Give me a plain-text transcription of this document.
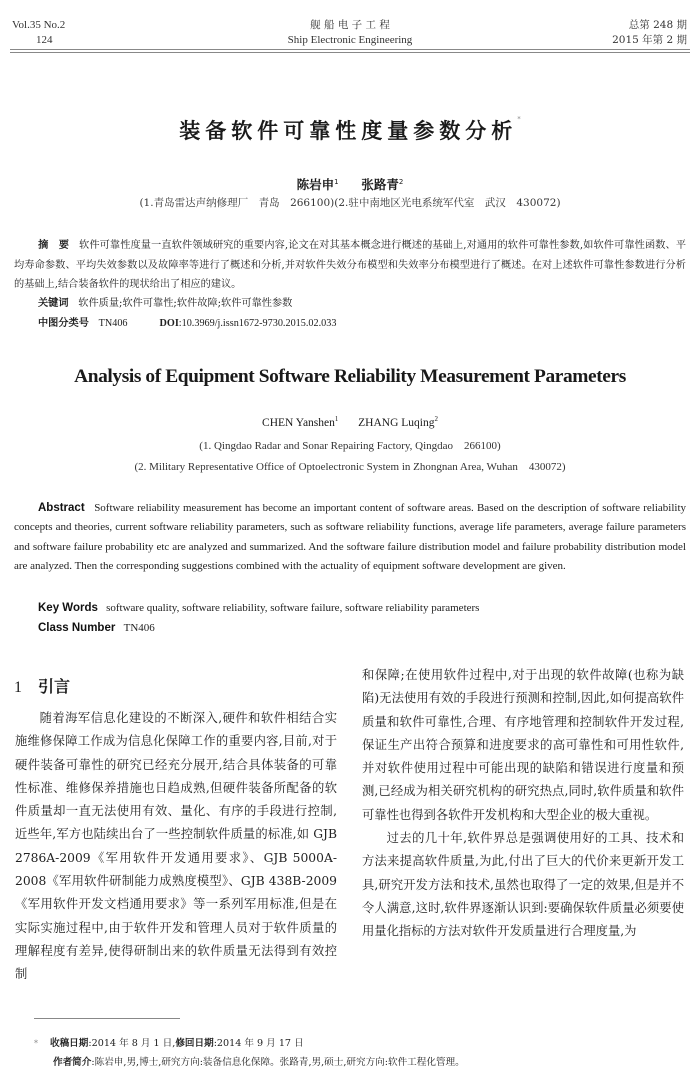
Vol.35 No.2
124
舰 船 电 子 工 程
Ship Electronic Engineering
总第 248 期
2015 年第 2 期
装备软件可靠性度量参数分析*
陈岩申$^1$ 张路青$^2$
(1.青岛雷达声纳修理厂　青岛　266100)(2.驻中南地区光电系统军代室　武汉　430072)
摘　要 软件可靠性度量一直软件领域研究的重要内容,论文在对其基本概念进行概述的基础上,对通用的软件可靠性参数,如软件可靠性函数、平均寿命参数、平均失效参数以及故障率等进行了概述和分析,并对软件失效分布模型和失效率分布模型进行了概述。在对上述软件可靠性参数进行分析的基础上,结合装备软件的现状给出了相应的建议。
关键词 软件质量;软件可靠性;软件故障;软件可靠性参数
中图分类号 TN406	DOI:10.3969/j.issn1672-9730.2015.02.033
Analysis of Equipment Software Reliability Measurement Parameters
CHEN Yanshen$^1$ ZHANG Luqing$^2$
(1. Qingdao Radar and Sonar Repairing Factory, Qingdao　266100)
(2. Military Representative Office of Optoelectronic System in Zhongnan Area, Wuhan　430072)
Abstract Software reliability measurement has become an important content of software areas. Based on the description of software reliability concepts and theories, current software reliability parameters, such as software reliability functions, average life parameters, average failure parameters and software failure probability etc are analyzed and summarized. And the software failure distribution model and failure probability distribution model are analyzed. Then the corresponding suggestions combined with the actuality of equipment software development are given.
Key Words software quality, software reliability, software failure, software reliability parameters
Class Number TN406
1 引言

随着海军信息化建设的不断深入,硬件和软件相结合实施维修保障工作成为信息化保障工作的重要内容,目前,对于硬件装备可靠性的研究已经充分展开,结合具体装备的可靠性标准、维修保养措施也日趋成熟,但硬件装备所配备的软件质量却一直无法使用有效、量化、有序的手段进行控制,近些年,军方也陆续出台了一些控制软件质量的标准,如 GJB 2786A-2009《军用软件开发通用要求》、GJB 5000A-2008《军用软件研制能力成熟度模型》、GJB 438B-2009《军用软件开发文档通用要求》等一系列军用标准,但是在实际实施过程中,由于软件开发和管理人员对于软件质量的理解程度有差异,使得研制出来的软件质量无法得到有效控制

和保障;在使用软件过程中,对于出现的软件故障(也称为缺陷)无法使用有效的手段进行预测和控制,因此,如何提高软件质量和软件可靠性,合理、有序地管理和控制软件开发过程,保证生产出符合预算和进度要求的高可靠性和可用性软件,并对软件使用过程中可能出现的缺陷和错误进行度量和预测,已经成为相关研究机构的研究热点,同时,软件质量和软件可靠性也得到各软件开发机构和大型企业的极大重视。

过去的几十年,软件界总是强调使用好的工具、技术和方法来提高软件质量,为此,付出了巨大的代价来更新开发工具,研究开发方法和技术,虽然也取得了一定的效果,但是并不令人满意,这时,软件界逐渐认识到:要确保软件质量必须要使用量化指标的方法对软件开发质量进行合理度量,为

* 收稿日期:2014 年 8 月 1 日,修回日期:2014 年 9 月 17 日
作者简介:陈岩申,男,博士,研究方向:装备信息化保障。张路青,男,硕士,研究方向:软件工程化管理。
